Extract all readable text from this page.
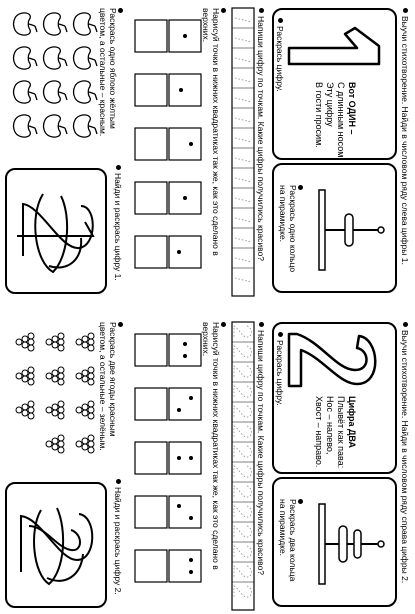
Выучи стихотворение. Найди в числовом ряду слева цифры 1.
Вот ОДИН –
С длинным носом.
Эту цифру
В гости просим.
Раскрась цифру.
Раскрась одно кольцо
на пирамидке.
Напиши цифру по точкам. Какие цифры получились красиво?
Нарисуй точки в нижних квадратиках так же, как это сделано в
верхних.
Раскрась одно яблоко жёлтым
цветом, а остальные – красным.
Найди и раскрась цифру 1.
Выучи стихотворение. Найди в числовом ряду справа цифры 2.
Цифра ДВА
Плывёт как пава:
Нос – налево,
Хвост – направо.
Раскрась цифру.
Раскрась два кольца
на пирамидке.
Напиши цифру по точкам. Какие цифры получились красиво?
Нарисуй точки в нижних квадратиках так же, как это сделано в
верхних.
Раскрась две ягоды красным
цветом, а остальные – зелёным.
Найди и раскрась цифру 2.
